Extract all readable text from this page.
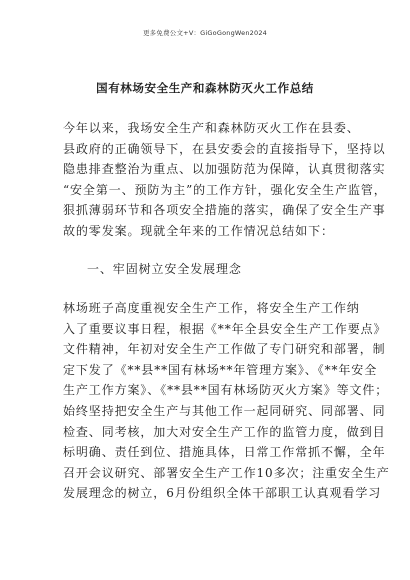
更多免费公文+V：GiGoGongWen2024
国有林场安全生产和森林防灭火工作总结
今年以来，我场安全生产和森林防灭火工作在县委、
县政府的正确领导下，在县安委会的直接指导下，坚持以
隐患排查整治为重点、以加强防范为保障，认真贯彻落实
“安全第一、预防为主”的工作方针，强化安全生产监管，
狠抓薄弱环节和各项安全措施的落实，确保了安全生产事
故的零发案。现就全年来的工作情况总结如下：
一、牢固树立安全发展理念
林场班子高度重视安全生产工作，将安全生产工作纳
入了重要议事日程，根据《**年全县安全生产工作要点》
文件精神，年初对安全生产工作做了专门研究和部署，制
定下发了《**县**国有林场**年管理方案》、《**年安全
生产工作方案》、《**县**国有林场防灭火方案》等文件；
始终坚持把安全生产与其他工作一起同研究、同部署、同
检查、同考核，加大对安全生产工作的监管力度，做到目
标明确、责任到位、措施具体，日常工作常抓不懈，全年
召开会议研究、部署安全生产工作10多次；注重安全生产
发展理念的树立，6月份组织全体干部职工认真观看学习
